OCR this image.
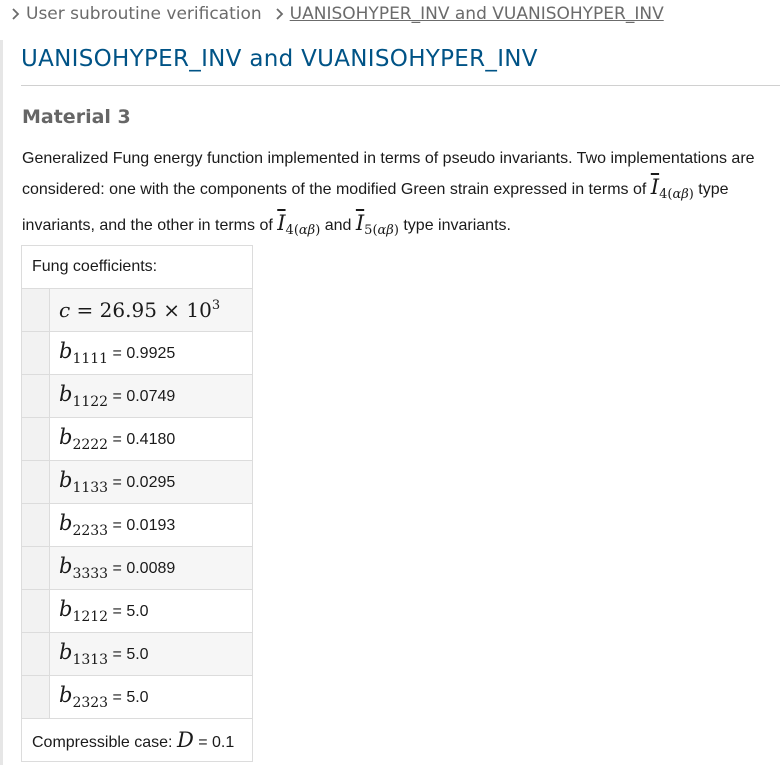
User subroutine verification UANISOHYPER_INV and VUANISOHYPER_INV
UANISOHYPER_INV and VUANISOHYPER_INV
Material 3

Generalized Fung energy function implemented in terms of pseudo invariants. Two implementations are considered: one with the components of the modified Green strain expressed in terms of $\overline{I}_{4(\alpha\beta)}$ type invariants, and the other in terms of $\overline{I}_{4(\alpha\beta)}$ and $\overline{I}_{5(\alpha\beta)}$ type invariants.

Fung coefficients:	
	$c = 26.95 \times 10^3$
	b1111 = 0.9925
	b1122 = 0.0749
	b2222 = 0.4180
	b1133 = 0.0295
	b2233 = 0.0193
	b3333 = 0.0089
	b1212 = 5.0
	b1313 = 5.0
	b2323 = 5.0
Compressible case: D = 0.1	
